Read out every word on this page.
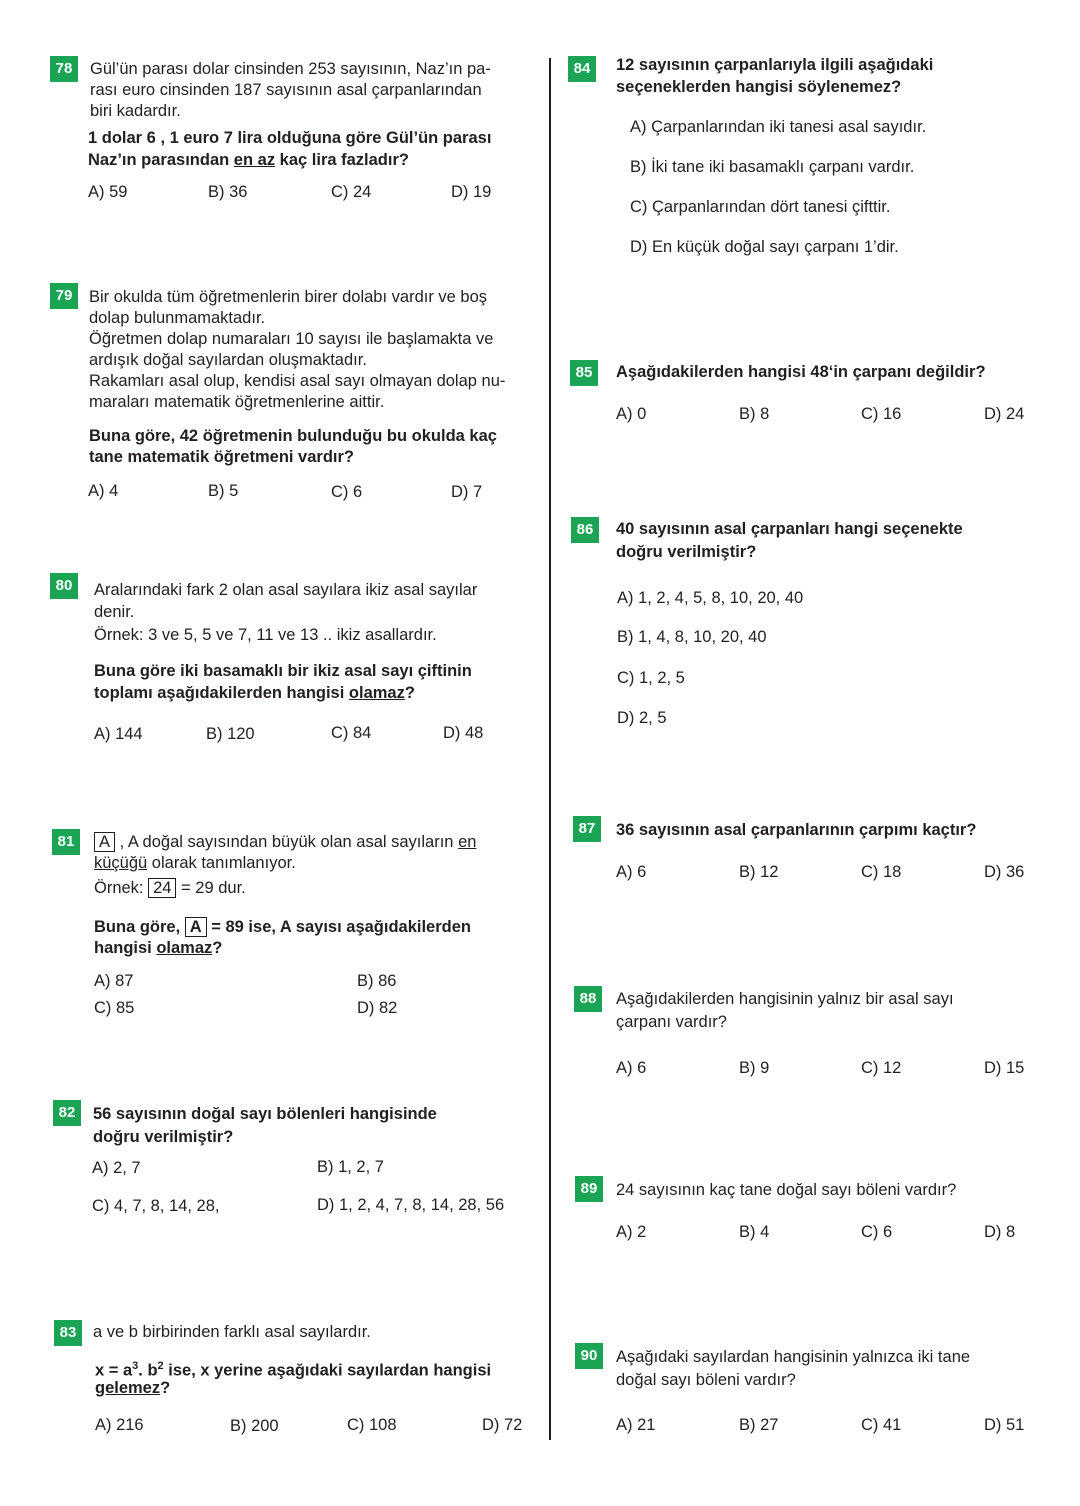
78	Gül’ün parası dolar cinsinden 253 sayısının, Naz’ın pa-
rası euro cinsinden 187 sayısının asal çarpanlarından
biri kadardır.
1 dolar 6 , 1 euro 7 lira olduğuna göre Gül’ün parası
Naz’ın parasından en az kaç lira fazladır?
A) 59	B) 36	C) 24	D) 19
79	Bir okulda tüm öğretmenlerin birer dolabı vardır ve boş
dolap bulunmamaktadır.
Öğretmen dolap numaraları 10 sayısı ile başlamakta ve
ardışık doğal sayılardan oluşmaktadır.
Rakamları asal olup, kendisi asal sayı olmayan dolap nu-
maraları matematik öğretmenlerine aittir.
Buna göre, 42 öğretmenin bulunduğu bu okulda kaç
tane matematik öğretmeni vardır?
A) 4	B) 5	C) 6	D) 7
80	Aralarındaki fark 2 olan asal sayılara ikiz asal sayılar
denir.
Örnek: 3 ve 5, 5 ve 7, 11 ve 13 .. ikiz asallardır.
Buna göre iki basamaklı bir ikiz asal sayı çiftinin
toplamı aşağıdakilerden hangisi olamaz?
A) 144	B) 120	C) 84	D) 48
81	A , A doğal sayısından büyük olan asal sayıların en
küçüğü olarak tanımlanıyor.
Örnek: 24 = 29 dur.
Buna göre, A = 89 ise, A sayısı aşağıdakilerden
hangisi olamaz?
A) 87	B) 86
C) 85	D) 82
82	56 sayısının doğal sayı bölenleri hangisinde
doğru verilmiştir?
A) 2, 7	B) 1, 2, 7
C) 4, 7, 8, 14, 28,	D) 1, 2, 4, 7, 8, 14, 28, 56
83	a ve b birbirinden farklı asal sayılardır.
$x = a^3$. $b^2$ ise, x yerine aşağıdaki sayılardan hangisi
gelemez?
A) 216	B) 200	C) 108	D) 72
84	12 sayısının çarpanlarıyla ilgili aşağıdaki
seçeneklerden hangisi söylenemez?
A) Çarpanlarından iki tanesi asal sayıdır.
B) İki tane iki basamaklı çarpanı vardır.
C) Çarpanlarından dört tanesi çifttir.
D) En küçük doğal sayı çarpanı 1’dir.
85	Aşağıdakilerden hangisi 48‘in çarpanı değildir?
A) 0	B) 8	C) 16	D) 24
86	40 sayısının asal çarpanları hangi seçenekte
doğru verilmiştir?
A) 1, 2, 4, 5, 8, 10, 20, 40
B) 1, 4, 8, 10, 20, 40
C) 1, 2, 5
D) 2, 5
87	36 sayısının asal çarpanlarının çarpımı kaçtır?
A) 6	B) 12	C) 18	D) 36
88	Aşağıdakilerden hangisinin yalnız bir asal sayı
çarpanı vardır?
A) 6	B) 9	C) 12	D) 15
89	24 sayısının kaç tane doğal sayı böleni vardır?
A) 2	B) 4	C) 6	D) 8
90	Aşağıdaki sayılardan hangisinin yalnızca iki tane
doğal sayı böleni vardır?
A) 21	B) 27	C) 41	D) 51
